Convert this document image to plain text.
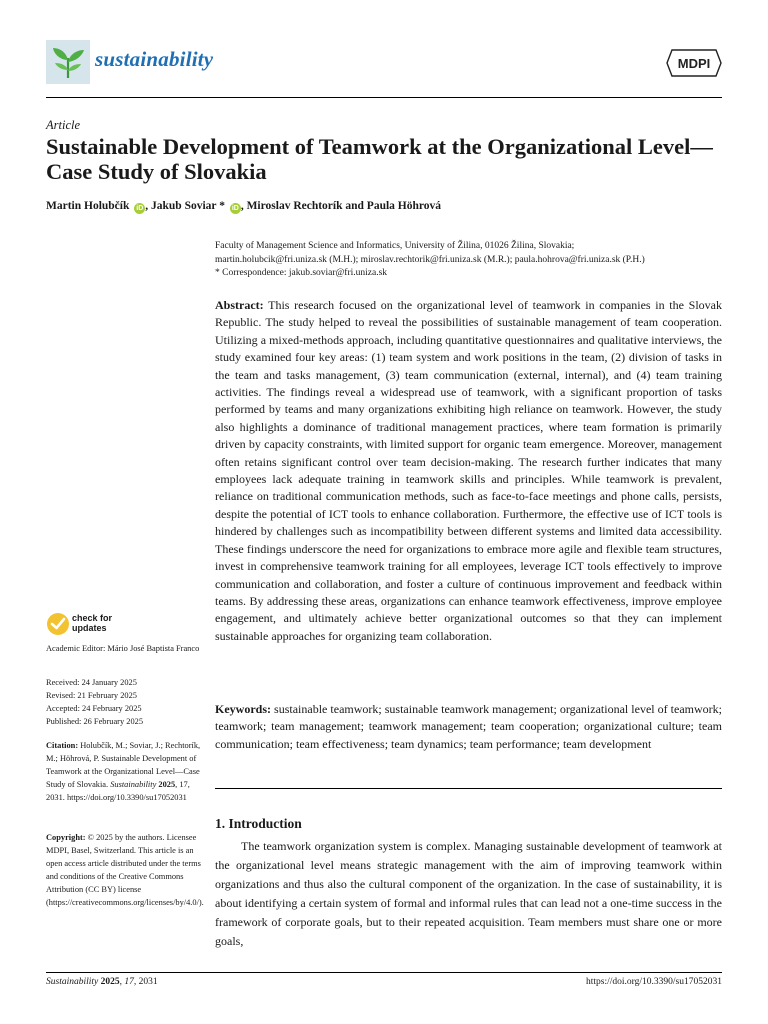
sustainability	MDPI
Article
Sustainable Development of Teamwork at the Organizational Level—Case Study of Slovakia
Martin Holubčík iD , Jakub Soviar * iD , Miroslav Rechtorík and Paula Höhrová
Faculty of Management Science and Informatics, University of Žilina, 01026 Žilina, Slovakia;
martin.holubcik@fri.uniza.sk (M.H.); miroslav.rechtorik@fri.uniza.sk (M.R.); paula.hohrova@fri.uniza.sk (P.H.)
* Correspondence: jakub.soviar@fri.uniza.sk
Abstract: This research focused on the organizational level of teamwork in companies in the Slovak Republic. The study helped to reveal the possibilities of sustainable management of team cooperation. Utilizing a mixed-methods approach, including quantitative questionnaires and qualitative interviews, the study examined four key areas: (1) team system and work positions in the team, (2) division of tasks in the team and tasks management, (3) team communication (external, internal), and (4) team training activities. The findings reveal a widespread use of teamwork, with a significant proportion of tasks performed by teams and many organizations exhibiting high reliance on teamwork. However, the study also highlights a dominance of traditional management practices, where team formation is primarily driven by capacity constraints, with limited support for organic team emergence. Moreover, management often retains significant control over team decision-making. The research further indicates that many employees lack adequate training in teamwork skills and principles. While teamwork is prevalent, reliance on traditional communication methods, such as face-to-face meetings and phone calls, persists, despite the potential of ICT tools to enhance collaboration. Furthermore, the effective use of ICT tools is hindered by challenges such as incompatibility between different systems and limited data accessibility. These findings underscore the need for organizations to embrace more agile and flexible team structures, invest in comprehensive teamwork training for all employees, leverage ICT tools effectively to improve communication and collaboration, and foster a culture of continuous improvement and feedback within teams. By addressing these areas, organizations can enhance teamwork effectiveness, improve employee engagement, and ultimately achieve better organizational outcomes so that they can implement sustainable approaches for organizing team collaboration.
Keywords: sustainable teamwork; sustainable teamwork management; organizational level of teamwork; teamwork; team management; teamwork management; team cooperation; organizational culture; team communication; team effectiveness; team dynamics; team performance; team development
1. Introduction
The teamwork organization system is complex. Managing sustainable development of teamwork at the organizational level means strategic management with the aim of improving teamwork within organizations and thus also the cultural component of the organization. In the case of sustainability, it is about identifying a certain system of formal and informal rules that can lead not a one-time success in the framework of corporate goals, but to their repeated acquisition. Team members must share one or more goals,
check for
updates
Academic Editor: Mário José Baptista Franco
Received: 24 January 2025
Revised: 21 February 2025
Accepted: 24 February 2025
Published: 26 February 2025
Citation: Holubčík, M.; Soviar, J.; Rechtorík, M.; Höhrová, P. Sustainable Development of Teamwork at the Organizational Level—Case Study of Slovakia. Sustainability 2025, 17, 2031. https://doi.org/10.3390/su17052031
Copyright: © 2025 by the authors. Licensee MDPI, Basel, Switzerland. This article is an open access article distributed under the terms and conditions of the Creative Commons Attribution (CC BY) license (https://creativecommons.org/licenses/by/4.0/).
Sustainability 2025, 17, 2031	https://doi.org/10.3390/su17052031
